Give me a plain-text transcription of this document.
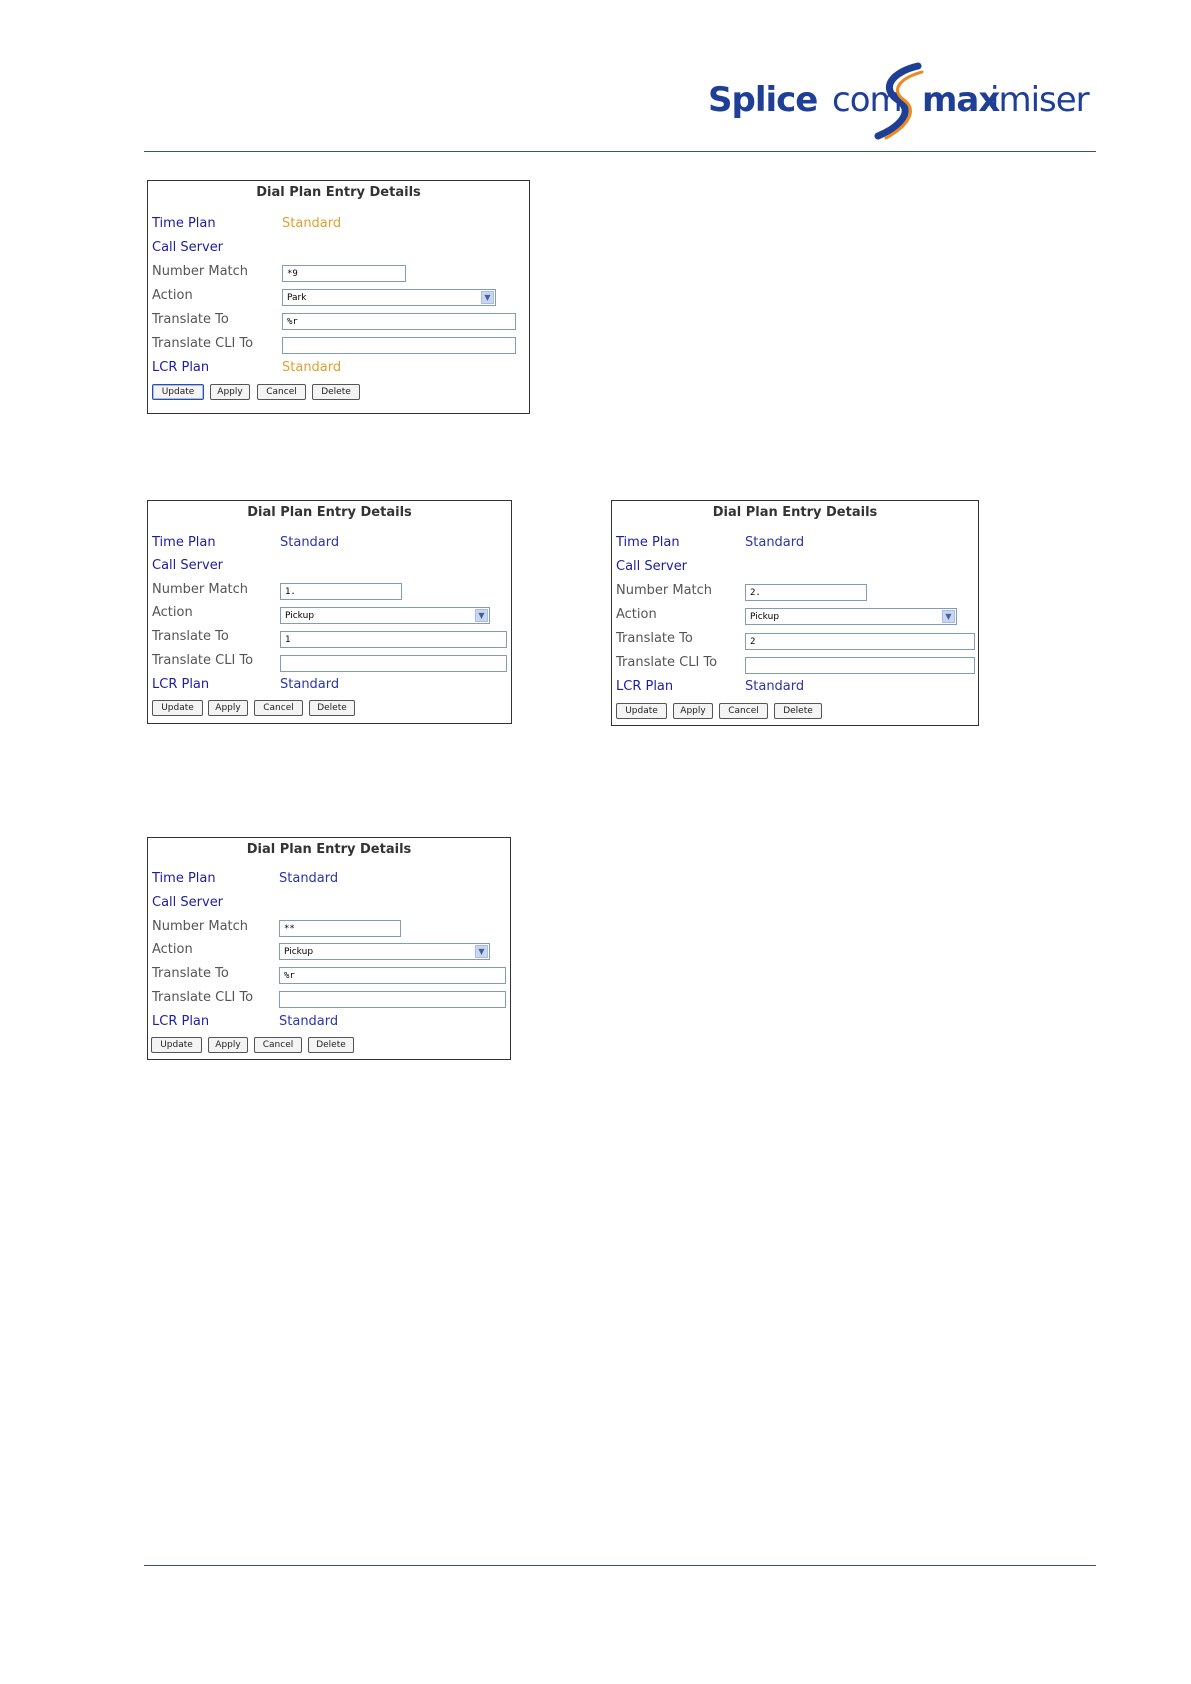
Splice com max
imiser
Dial Plan Entry Details
Time Plan	Standard
Call Server
Number Match	*9
Action	Park	▼
Translate To	%r
Translate CLI To
LCR Plan	Standard
Update	Apply	Cancel	Delete
Dial Plan Entry Details
Time Plan	Standard
Call Server
Number Match	1.
Action	Pickup	▼
Translate To	1
Translate CLI To
LCR Plan	Standard
Update	Apply	Cancel	Delete
Dial Plan Entry Details
Time Plan	Standard
Call Server
Number Match	2.
Action	Pickup	▼
Translate To	2
Translate CLI To
LCR Plan	Standard
Update	Apply	Cancel	Delete
Dial Plan Entry Details
Time Plan	Standard
Call Server
Number Match	**
Action	Pickup	▼
Translate To	%r
Translate CLI To
LCR Plan	Standard
Update	Apply	Cancel	Delete
